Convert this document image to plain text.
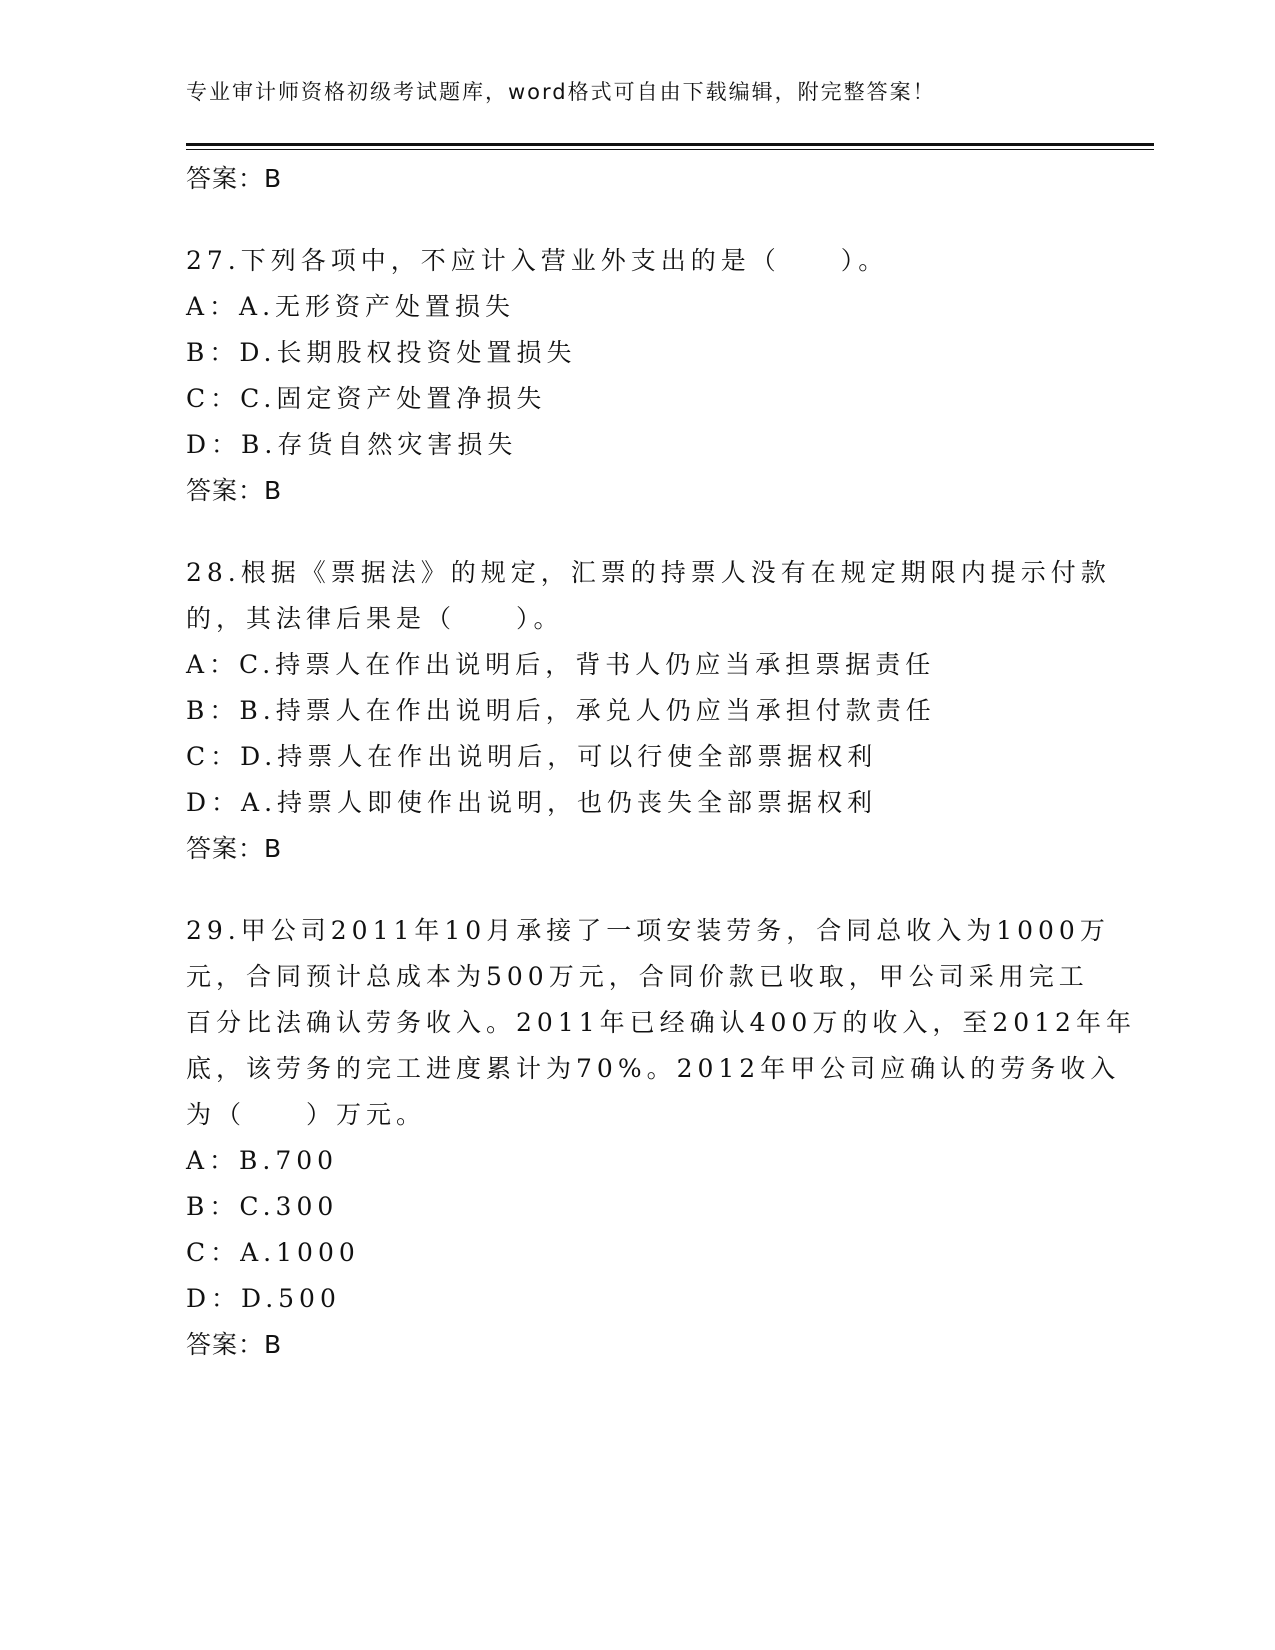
专业审计师资格初级考试题库，word格式可自由下载编辑，附完整答案！
答案：B
27.下列各项中，不应计入营业外支出的是（　　）。
A：A.无形资产处置损失
B：D.长期股权投资处置损失
C：C.固定资产处置净损失
D：B.存货自然灾害损失
答案：B
28.根据《票据法》的规定，汇票的持票人没有在规定期限内提示付款
的，其法律后果是（　　）。
A：C.持票人在作出说明后，背书人仍应当承担票据责任
B：B.持票人在作出说明后，承兑人仍应当承担付款责任
C：D.持票人在作出说明后，可以行使全部票据权利
D：A.持票人即使作出说明，也仍丧失全部票据权利
答案：B
29.甲公司2011年10月承接了一项安装劳务，合同总收入为1000万
元，合同预计总成本为500万元，合同价款已收取，甲公司采用完工
百分比法确认劳务收入。2011年已经确认400万的收入，至2012年年
底，该劳务的完工进度累计为70%。2012年甲公司应确认的劳务收入
为（　　）万元。
A：B.700
B：C.300
C：A.1000
D：D.500
答案：B
